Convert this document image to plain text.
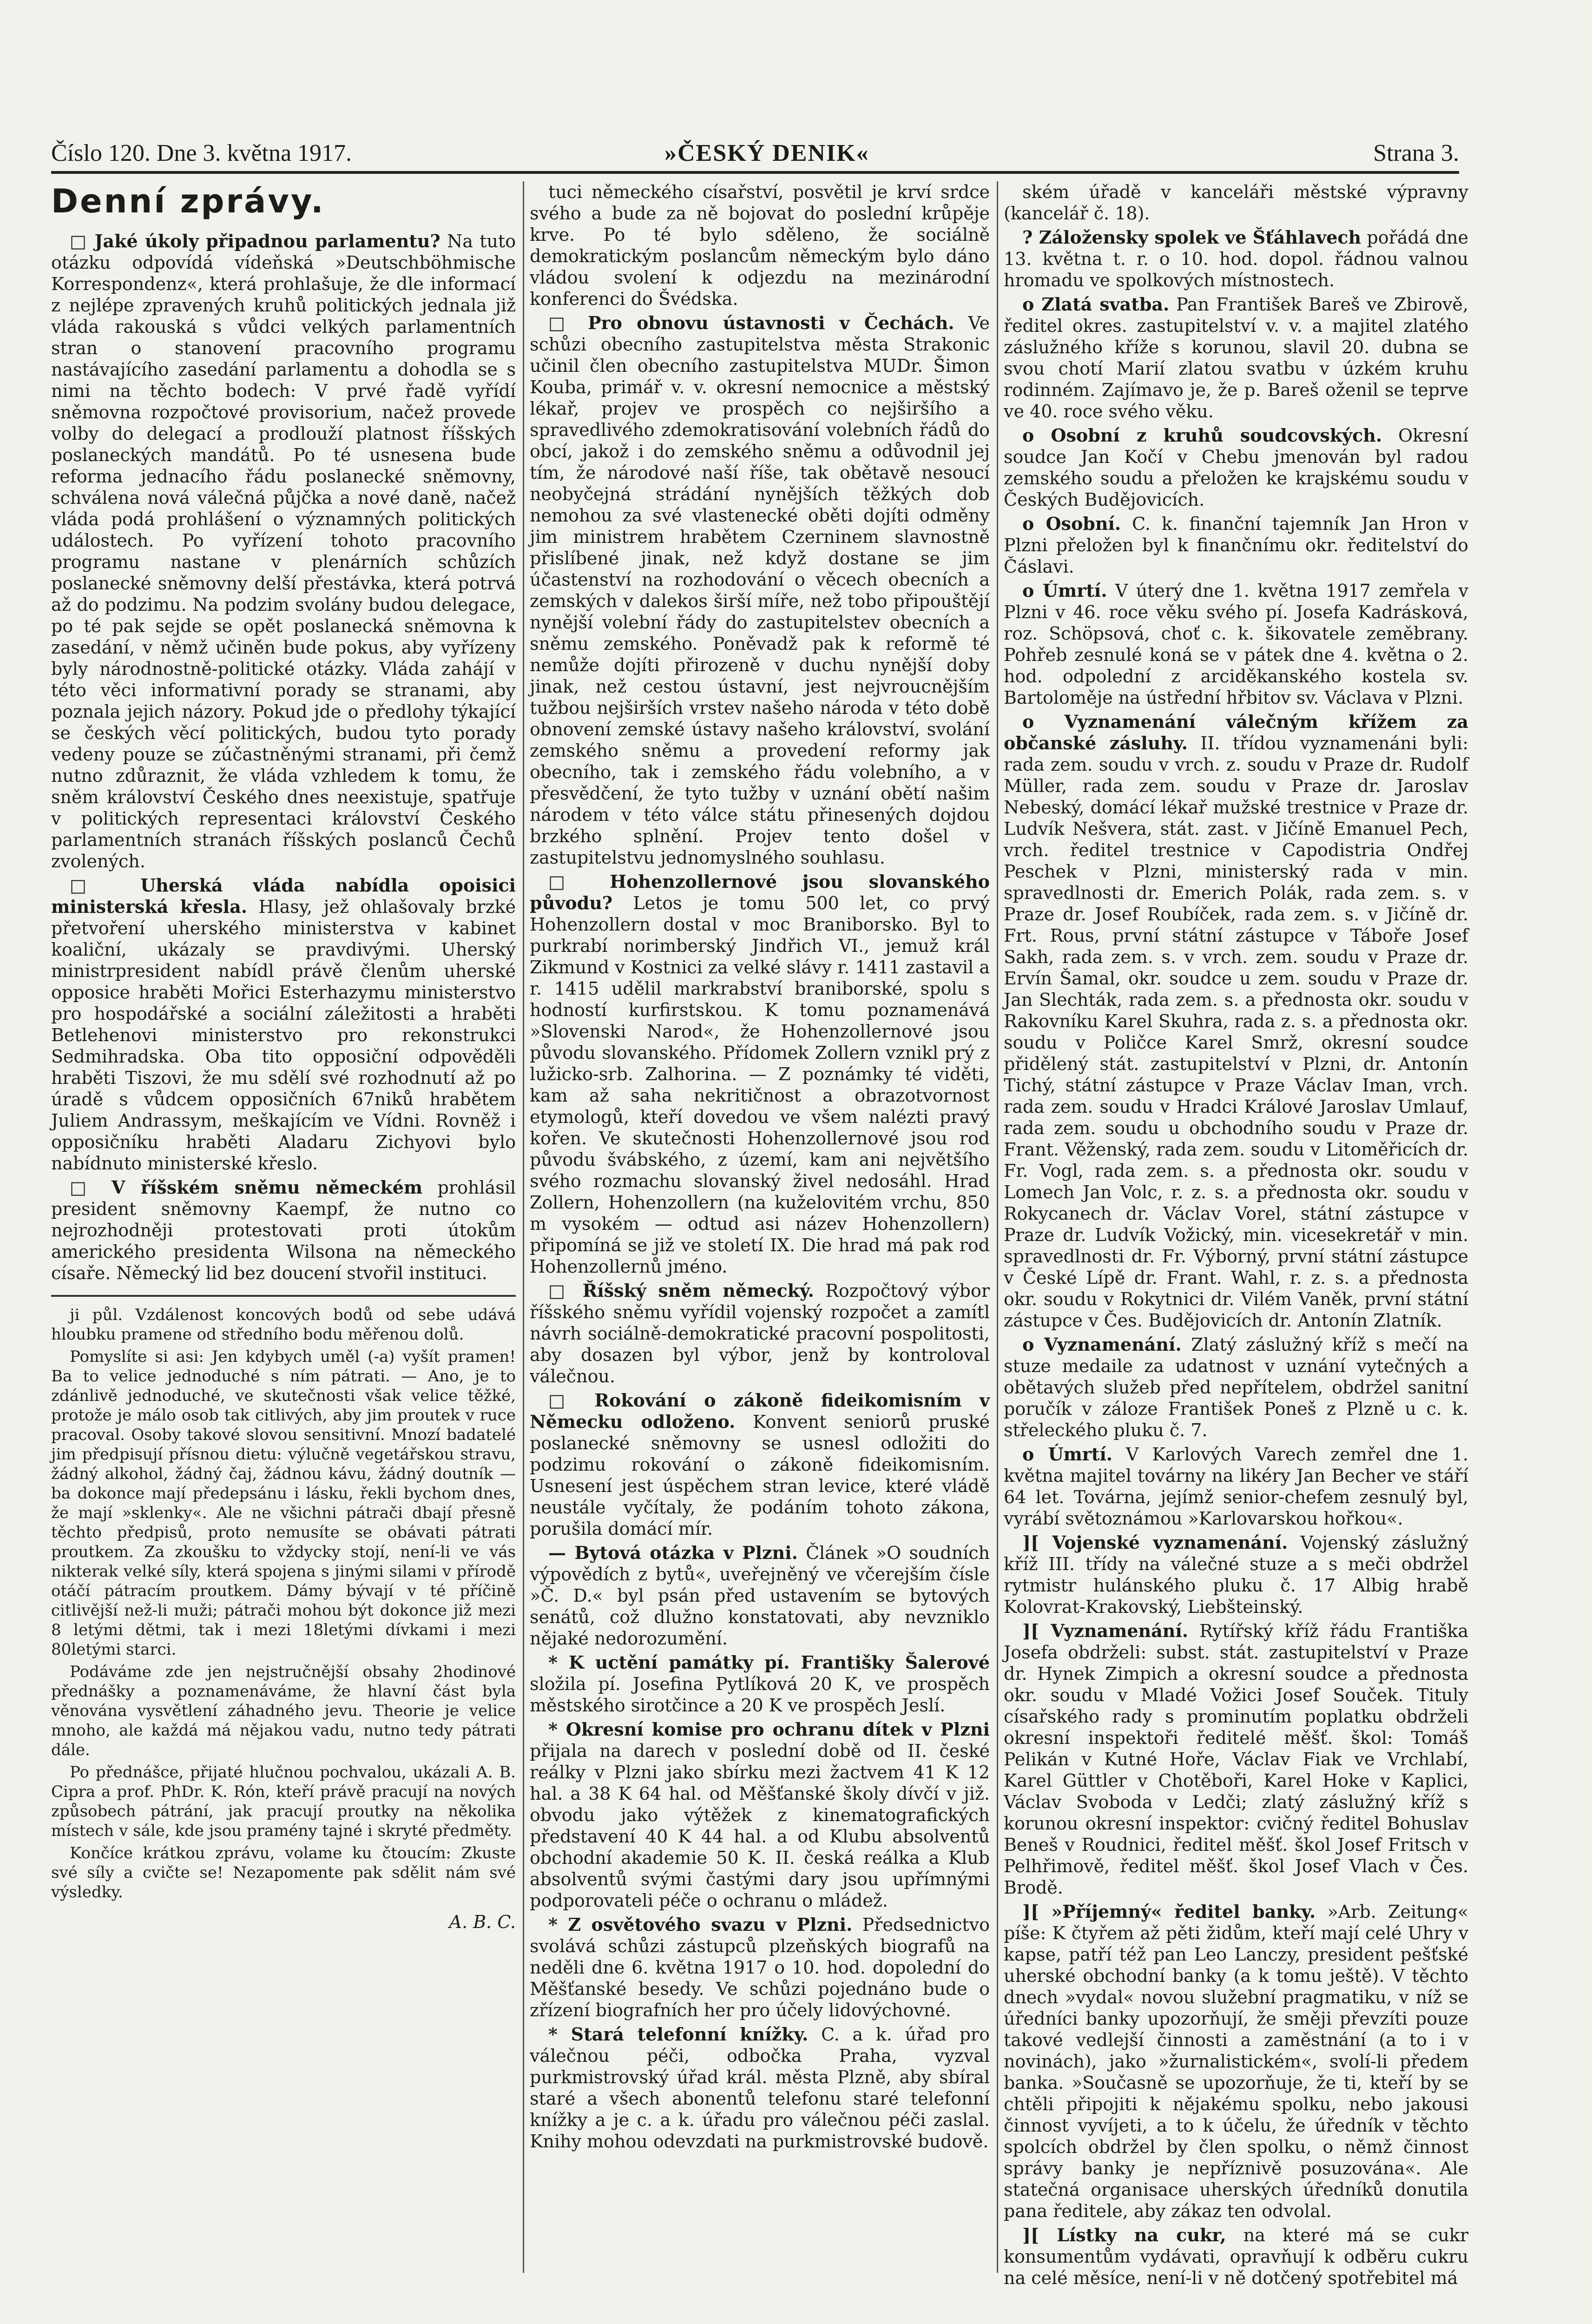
Číslo 120. Dne 3. května 1917.	»ČESKÝ DENIK«	Strana 3.
Denní zprávy.

□ Jaké úkoly připadnou parlamentu? Na tuto otázku odpovídá vídeňská »Deutschböhmische Korrespondenz«, která prohlašuje, že dle informací z nejlépe zpravených kruhů politických jednala již vláda rakouská s vůdci velkých parlamentních stran o stanovení pracovního programu nastávajícího zasedání parlamentu a dohodla se s nimi na těchto bodech: V prvé řadě vyřídí sněmovna rozpočtové provisorium, načež provede volby do delegací a prodlouží platnost říšských poslaneckých mandátů. Po té usnesena bude reforma jednacího řádu poslanecké sněmovny, schválena nová válečná půjčka a nové daně, načež vláda podá prohlášení o významných politických událostech. Po vyřízení tohoto pracovního programu nastane v plenárních schůzích poslanecké sněmovny delší přestávka, která potrvá až do podzimu. Na podzim svolány budou delegace, po té pak sejde se opět poslanecká sněmovna k zasedání, v němž učiněn bude pokus, aby vyřízeny byly národnostně-politické otázky. Vláda zahájí v této věci informativní porady se stranami, aby poznala jejich názory. Pokud jde o předlohy týkající se českých věcí politických, budou tyto porady vedeny pouze se zúčastněnými stranami, při čemž nutno zdůraznit, že vláda vzhledem k tomu, že sněm království Českého dnes neexistuje, spatřuje v politických representaci království Českého parlamentních stranách říšských poslanců Čechů zvolených.

□ Uherská vláda nabídla opoisici ministerská křesla. Hlasy, jež ohlašovaly brzké přetvoření uherského ministerstva v kabinet koaliční, ukázaly se pravdivými. Uherský ministrpresident nabídl právě členům uherské opposice hraběti Mořici Esterhazymu ministerstvo pro hospodářské a sociální záležitosti a hraběti Betlehenovi ministerstvo pro rekonstrukci Sedmihradska. Oba tito opposiční odpověděli hraběti Tiszovi, že mu sdělí své rozhodnutí až po úradě s vůdcem opposičních 67niků hrabětem Juliem Andrassym, meškajícím ve Vídni. Rovněž i opposičníku hraběti Aladaru Zichyovi bylo nabídnuto ministerské křeslo.

□ V říšském sněmu německém prohlásil president sněmovny Kaempf, že nutno co nejrozhodněji protestovati proti útokům amerického presidenta Wilsona na německého císaře. Německý lid bez doucení stvořil instituci.

ji půl. Vzdálenost koncových bodů od sebe udává hloubku pramene od středního bodu měřenou dolů.

Pomyslíte si asi: Jen kdybych uměl (-a) vyšít pramen! Ba to velice jednoduché s ním pátrati. — Ano, je to zdánlivě jednoduché, ve skutečnosti však velice těžké, protože je málo osob tak citlivých, aby jim proutek v ruce pracoval. Osoby takové slovou sensitivní. Mnozí badatelé jim předpisují přísnou dietu: výlučně vegetářskou stravu, žádný alkohol, žádný čaj, žádnou kávu, žádný doutník — ba dokonce mají předepsánu i lásku, řekli bychom dnes, že mají »sklenky«. Ale ne všichni pátrači dbají přesně těchto předpisů, proto nemusíte se obávati pátrati proutkem. Za zkoušku to vždycky stojí, není-li ve vás nikterak velké síly, která spojena s jinými silami v přírodě otáčí pátracím proutkem. Dámy bývají v té příčině citlivější než-li muži; pátrači mohou být dokonce již mezi 8 letými dětmi, tak i mezi 18letými dívkami i mezi 80letými starci.

Podáváme zde jen nejstručnější obsahy 2hodinové přednášky a poznamenáváme, že hlavní část byla věnována vysvětlení záhadného jevu. Theorie je velice mnoho, ale každá má nějakou vadu, nutno tedy pátrati dále.

Po přednášce, přijaté hlučnou pochvalou, ukázali A. B. Cipra a prof. PhDr. K. Rón, kteří právě pracují na nových způsobech pátrání, jak pracují proutky na několika místech v sále, kde jsou pramény tajné i skryté předměty.

Končíce krátkou zprávu, volame ku čtoucím: Zkuste své síly a cvičte se! Nezapomente pak sdělit nám své výsledky.

A. B. C.

tuci německého císařství, posvětil je krví srdce svého a bude za ně bojovat do poslední krůpěje krve. Po té bylo sděleno, že sociálně demokratickým poslancům německým bylo dáno vládou svolení k odjezdu na mezinárodní konferenci do Švédska.

□ Pro obnovu ústavnosti v Čechách. Ve schůzi obecního zastupitelstva města Strakonic učinil člen obecního zastupitelstva MUDr. Šimon Kouba, primář v. v. okresní nemocnice a městský lékař, projev ve prospěch co nejširšího a spravedlivého zdemokratisování volebních řádů do obcí, jakož i do zemského sněmu a odůvodnil jej tím, že národové naší říše, tak obětavě nesoucí neobyčejná strádání nynějších těžkých dob nemohou za své vlastenecké oběti dojíti odměny jim ministrem hrabětem Czerninem slavnostně přislíbené jinak, než když dostane se jim účastenství na rozhodování o věcech obecních a zemských v dalekos širší míře, než tobo připouštějí nynější volební řády do zastupitelstev obecních a sněmu zemského. Poněvadž pak k reformě té nemůže dojíti přirozeně v duchu nynější doby jinak, než cestou ústavní, jest nejvroucnějším tužbou nejširších vrstev našeho národa v této době obnovení zemské ústavy našeho království, svolání zemského sněmu a provedení reformy jak obecního, tak i zemského řádu volebního, a v přesvědčení, že tyto tužby v uznání obětí našim národem v této válce státu přinesených dojdou brzkého splnění. Projev tento došel v zastupitelstvu jednomyslného souhlasu.

□ Hohenzollernové jsou slovanského původu? Letos je tomu 500 let, co prvý Hohenzollern dostal v moc Braniborsko. Byl to purkrabí norimberský Jindřich VI., jemuž král Zikmund v Kostnici za velké slávy r. 1411 zastavil a r. 1415 udělil markrabství braniborské, spolu s hodností kurfirstskou. K tomu poznamenává »Slovenski Narod«, že Hohenzollernové jsou původu slovanského. Přídomek Zollern vznikl prý z lužicko-srb. Zalhorina. — Z poznámky té viděti, kam až saha nekritičnost a obrazotvornost etymologů, kteří dovedou ve všem nalézti pravý kořen. Ve skutečnosti Hohenzollernové jsou rod původu švábského, z území, kam ani největšího svého rozmachu slovanský živel nedosáhl. Hrad Zollern, Hohenzollern (na kuželovitém vrchu, 850 m vysokém — odtud asi název Hohenzollern) připomíná se již ve století IX. Die hrad má pak rod Hohenzollernů jméno.

□ Říšský sněm německý. Rozpočtový výbor říšského sněmu vyřídil vojenský rozpočet a zamítl návrh sociálně-demokratické pracovní pospolitosti, aby dosazen byl výbor, jenž by kontroloval válečnou.

□ Rokování o zákoně fideikomisním v Německu odloženo. Konvent seniorů pruské poslanecké sněmovny se usnesl odložiti do podzimu rokování o zákoně fideikomisním. Usnesení jest úspěchem stran levice, které vládě neustále vyčítaly, že podáním tohoto zákona, porušila domácí mír.

— Bytová otázka v Plzni. Článek »O soudních výpovědích z bytů«, uveřejněný ve včerejším čísle »Č. D.« byl psán před ustavením se bytových senátů, což dlužno konstatovati, aby nevzniklo nějaké nedorozumění.

* K uctění památky pí. Františky Šalerové složila pí. Josefina Pytlíková 20 K, ve prospěch městského sirotčince a 20 K ve prospěch Jeslí.

* Okresní komise pro ochranu dítek v Plzni přijala na darech v poslední době od II. české reálky v Plzni jako sbírku mezi žactvem 41 K 12 hal. a 38 K 64 hal. od Měšťanské školy dívčí v již. obvodu jako výtěžek z kinematografických představení 40 K 44 hal. a od Klubu absolventů obchodní akademie 50 K. II. česká reálka a Klub absolventů svými častými dary jsou upřímnými podporovateli péče o ochranu o mládež.

* Z osvětového svazu v Plzni. Předsednictvo svolává schůzi zástupců plzeňských biografů na neděli dne 6. května 1917 o 10. hod. dopolední do Měšťanské besedy. Ve schůzi pojednáno bude o zřízení biografních her pro účely lidovýchovné.

* Stará telefonní knížky. C. a k. úřad pro válečnou péči, odbočka Praha, vyzval purkmistrovský úřad král. města Plzně, aby sbíral staré a všech abonentů telefonu staré telefonní knížky a je c. a k. úřadu pro válečnou péči zaslal. Knihy mohou odevzdati na purkmistrovské budově.

ském úřadě v kanceláři městské výpravny (kancelář č. 18).

? Záložensky spolek ve Šťáhlavech pořádá dne 13. května t. r. o 10. hod. dopol. řádnou valnou hromadu ve spolkových místnostech.

o Zlatá svatba. Pan František Bareš ve Zbirově, ředitel okres. zastupitelství v. v. a majitel zlatého záslužného kříže s korunou, slavil 20. dubna se svou chotí Marií zlatou svatbu v úzkém kruhu rodinném. Zajímavo je, že p. Bareš oženil se teprve ve 40. roce svého věku.

o Osobní z kruhů soudcovských. Okresní soudce Jan Kočí v Chebu jmenován byl radou zemského soudu a přeložen ke krajskému soudu v Českých Budějovicích.

o Osobní. C. k. finanční tajemník Jan Hron v Plzni přeložen byl k finančnímu okr. ředitelství do Čáslavi.

o Úmrtí. V úterý dne 1. května 1917 zemřela v Plzni v 46. roce věku svého pí. Josefa Kadrásková, roz. Schöpsová, choť c. k. šikovatele zeměbrany. Pohřeb zesnulé koná se v pátek dne 4. května o 2. hod. odpolední z arciděkanského kostela sv. Bartoloměje na ústřední hřbitov sv. Václava v Plzni.

o Vyznamenání válečným křížem za občanské zásluhy. II. třídou vyznamenáni byli: rada zem. soudu v vrch. z. soudu v Praze dr. Rudolf Müller, rada zem. soudu v Praze dr. Jaroslav Nebeský, domácí lékař mužské trestnice v Praze dr. Ludvík Nešvera, stát. zast. v Jičíně Emanuel Pech, vrch. ředitel trestnice v Capodistria Ondřej Peschek v Plzni, ministerský rada v min. spravedlnosti dr. Emerich Polák, rada zem. s. v Praze dr. Josef Roubíček, rada zem. s. v Jičíně dr. Frt. Rous, první státní zástupce v Táboře Josef Sakh, rada zem. s. v vrch. zem. soudu v Praze dr. Ervín Šamal, okr. soudce u zem. soudu v Praze dr. Jan Slechták, rada zem. s. a přednosta okr. soudu v Rakovníku Karel Skuhra, rada z. s. a přednosta okr. soudu v Poličce Karel Smrž, okresní soudce přidělený stát. zastupitelství v Plzni, dr. Antonín Tichý, státní zástupce v Praze Václav Iman, vrch. rada zem. soudu v Hradci Králové Jaroslav Umlauf, rada zem. soudu u obchodního soudu v Praze dr. Frant. Věženský, rada zem. soudu v Litoměřicích dr. Fr. Vogl, rada zem. s. a přednosta okr. soudu v Lomech Jan Volc, r. z. s. a přednosta okr. soudu v Rokycanech dr. Václav Vorel, státní zástupce v Praze dr. Ludvík Vožický, min. vicesekretář v min. spravedlnosti dr. Fr. Výborný, první státní zástupce v České Lípě dr. Frant. Wahl, r. z. s. a přednosta okr. soudu v Rokytnici dr. Vilém Vaněk, první státní zástupce v Čes. Budějovicích dr. Antonín Zlatník.

o Vyznamenání. Zlatý záslužný kříž s mečí na stuze medaile za udatnost v uznání vytečných a obětavých služeb před nepřítelem, obdržel sanitní poručík v záloze František Poneš z Plzně u c. k. střeleckého pluku č. 7.

o Úmrtí. V Karlových Varech zemřel dne 1. května majitel továrny na likéry Jan Becher ve stáří 64 let. Továrna, jejímž senior-chefem zesnulý byl, vyrábí světoznámou »Karlovarskou hořkou«.

][ Vojenské vyznamenání. Vojenský záslužný kříž III. třídy na válečné stuze a s meči obdržel rytmistr hulánského pluku č. 17 Albig hrabě Kolovrat-Krakovský, Liebšteinský.

][ Vyznamenání. Rytířský kříž řádu Františka Josefa obdrželi: subst. stát. zastupitelství v Praze dr. Hynek Zimpich a okresní soudce a přednosta okr. soudu v Mladé Vožici Josef Souček. Tituly císařského rady s prominutím poplatku obdrželi okresní inspektoři ředitelé měšť. škol: Tomáš Pelikán v Kutné Hoře, Václav Fiak ve Vrchlabí, Karel Güttler v Chotěboři, Karel Hoke v Kaplici, Václav Svoboda v Ledči; zlatý záslužný kříž s korunou okresní inspektor: cvičný ředitel Bohuslav Beneš v Roudnici, ředitel měšť. škol Josef Fritsch v Pelhřimově, ředitel měšť. škol Josef Vlach v Čes. Brodě.

][ »Příjemný« ředitel banky. »Arb. Zeitung« píše: K čtyřem až pěti židům, kteří mají celé Uhry v kapse, patří též pan Leo Lanczy, president pešťské uherské obchodní banky (a k tomu ještě). V těchto dnech »vydal« novou služební pragmatiku, v níž se úředníci banky upozorňují, že směji převzíti pouze takové vedlejší činnosti a zaměstnání (a to i v novinách), jako »žurnalistickém«, svolí-li předem banka. »Současně se upozorňuje, že ti, kteří by se chtěli připojiti k nějakému spolku, nebo jakousi činnost vyvíjeti, a to k účelu, že úředník v těchto spolcích obdržel by člen spolku, o němž činnost správy banky je nepříznivě posuzována«. Ale statečná organisace uherských úředníků donutila pana ředitele, aby zákaz ten odvolal.

][ Lístky na cukr, na které má se cukr konsumentům vydávati, opravňují k odběru cukru na celé měsíce, není-li v ně dotčený spotřebitel má
